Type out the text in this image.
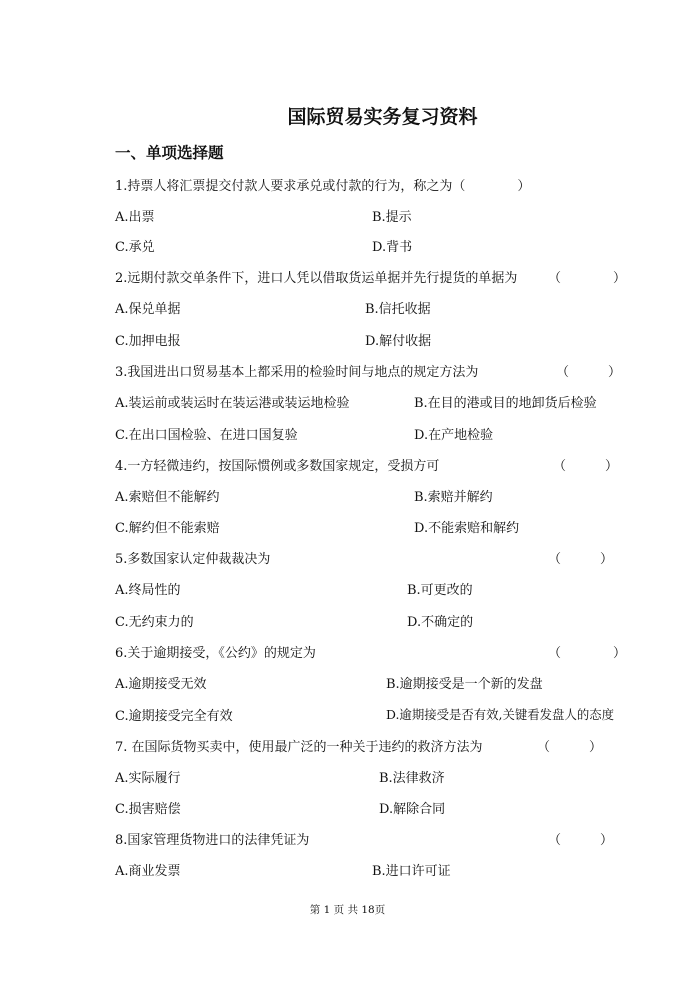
国际贸易实务复习资料
一、单项选择题
1.持票人将汇票提交付款人要求承兑或付款的行为，称之为（　　　　）
A.出票	B.提示
C.承兑	D.背书
2.远期付款交单条件下，进口人凭以借取货运单据并先行提货的单据为 （　　　　）
A.保兑单据	B.信托收据
C.加押电报	D.解付收据
3.我国进出口贸易基本上都采用的检验时间与地点的规定方法为	（　　　）
A.装运前或装运时在装运港或装运地检验	B.在目的港或目的地卸货后检验
C.在出口国检验、在进口国复验	D.在产地检验
4.一方轻微违约，按国际惯例或多数国家规定，受损方可	（　　　）
A.索赔但不能解约	B.索赔并解约
C.解约但不能索赔	D.不能索赔和解约
5.多数国家认定仲裁裁决为	（　　　）
A.终局性的	B.可更改的
C.无约束力的	D.不确定的
6.关于逾期接受，《公约》的规定为	（　　　　）
A.逾期接受无效	B.逾期接受是一个新的发盘
C.逾期接受完全有效	D.逾期接受是否有效,关键看发盘人的态度
7. 在国际货物买卖中，使用最广泛的一种关于违约的救济方法为	（　　　）
A.实际履行	B.法律救济
C.损害赔偿	D.解除合同
8.国家管理货物进口的法律凭证为	（　　　）
A.商业发票	B.进口许可证
第 1 页 共 18页
